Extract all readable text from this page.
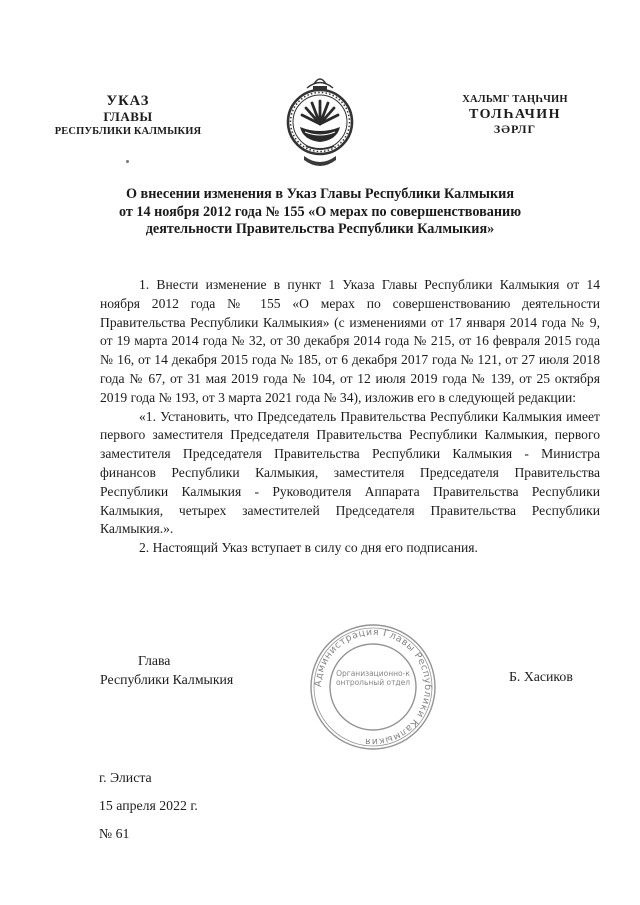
УКАЗ
ГЛАВЫ
РЕСПУБЛИКИ КАЛМЫКИЯ
ХАЛЬМГ ТАҢҺЧИН
ТОЛҺАЧИН
ЗӘРЛГ
О внесении изменения в Указ Главы Республики Калмыкия
от 14 ноября 2012 года № 155 «О мерах по совершенствованию
деятельности Правительства Республики Калмыкия»

1. Внести изменение в пункт 1 Указа Главы Республики Калмыкия от 14 ноября 2012 года № 155 «О мерах по совершенствованию деятельности Правительства Республики Калмыкия» (с изменениями от 17 января 2014 года № 9, от 19 марта 2014 года № 32, от 30 декабря 2014 года № 215, от 16 февраля 2015 года № 16, от 14 декабря 2015 года № 185, от 6 декабря 2017 года № 121, от 27 июля 2018 года № 67, от 31 мая 2019 года № 104, от 12 июля 2019 года № 139, от 25 октября 2019 года № 193, от 3 марта 2021 года № 34), изложив его в следующей редакции:

«1. Установить, что Председатель Правительства Республики Калмыкия имеет первого заместителя Председателя Правительства Республики Калмыкия, первого заместителя Председателя Правительства Республики Калмыкия - Министра финансов Республики Калмыкия, заместителя Председателя Правительства Республики Калмыкия - Руководителя Аппарата Правительства Республики Калмыкия, четырех заместителей Председателя Правительства Республики Калмыкия.».

2. Настоящий Указ вступает в силу со дня его подписания.

Администрация Главы Республики Калмыкия
Организационно-контрольный отдел
Глава
Республики Калмыкия	Б. Хасиков
г. Элиста
15 апреля 2022 г.
№ 61
